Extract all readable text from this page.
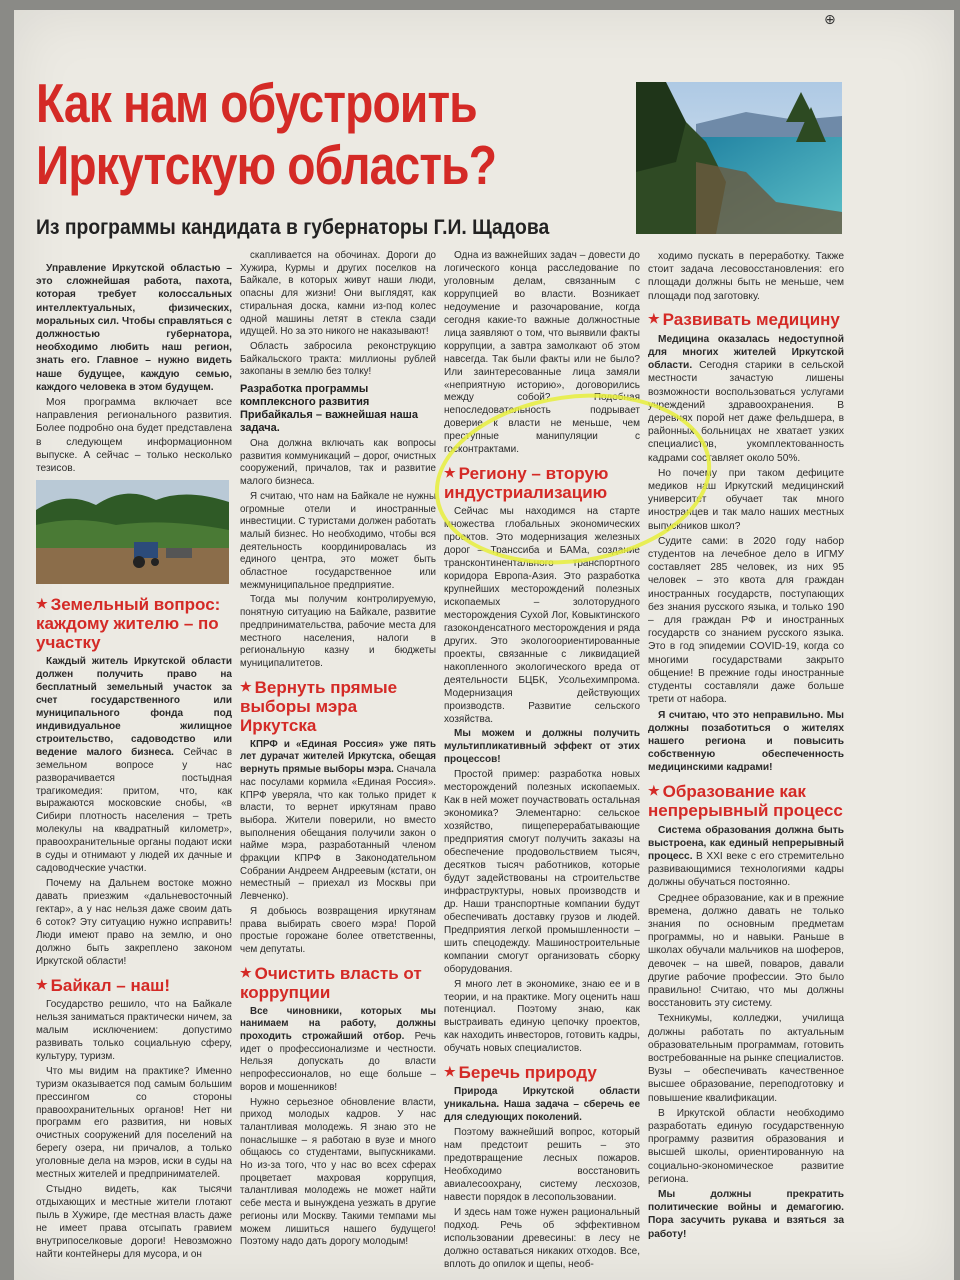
⊕
Как нам обустроить
Иркутскую область?
Из программы кандидата в губернаторы Г.И. Щадова

Управление Иркутской областью – это сложнейшая работа, пахота, которая требует колоссальных интеллектуальных, физических, моральных сил. Чтобы справляться с должностью губернатора, необходимо любить наш регион, знать его. Главное – нужно видеть наше будущее, каждую семью, каждого человека в этом будущем.

Моя программа включает все направления регионального развития. Более подробно она будет представлена в следующем информационном выпуске. А сейчас – только несколько тезисов.

★ Земельный вопрос: каждому жителю – по участку

Каждый житель Иркутской области должен получить право на бесплатный земельный участок за счет государственного или муниципального фонда под индивидуальное жилищное строительство, садоводство или ведение малого бизнеса. Сейчас в земельном вопросе у нас разворачивается постыдная трагикомедия: притом, что, как выражаются московские снобы, «в Сибири плотность населения – треть молекулы на квадратный километр», правоохранительные органы подают иски в суды и отнимают у людей их дачные и садоводческие участки.

Почему на Дальнем востоке можно давать приезжим «дальневосточный гектар», а у нас нельзя даже своим дать 6 соток? Эту ситуацию нужно исправить! Люди имеют право на землю, и оно должно быть закреплено законом Иркутской области!

★ Байкал – наш!

Государство решило, что на Байкале нельзя заниматься практически ничем, за малым исключением: допустимо развивать только социальную сферу, культуру, туризм.

Что мы видим на практике? Именно туризм оказывается под самым большим прессингом со стороны правоохранительных органов! Нет ни программ его развития, ни новых очистных сооружений для поселений на берегу озера, ни причалов, а только уголовные дела на мэров, иски в суды на местных жителей и предпринимателей.

Стыдно видеть, как тысячи отдыхающих и местные жители глотают пыль в Хужире, где местная власть даже не имеет права отсыпать гравием внутрипоселковые дороги! Невозможно найти контейнеры для мусора, и он

скапливается на обочинах. Дороги до Хужира, Курмы и других поселков на Байкале, в которых живут наши люди, опасны для жизни! Они выглядят, как стиральная доска, камни из-под колес одной машины летят в стекла сзади идущей. Но за это никого не наказывают!

Область забросила реконструкцию Байкальского тракта: миллионы рублей закопаны в землю без толку!

Разработка программы комплексного развития Прибайкалья – важнейшая наша задача.

Она должна включать как вопросы развития коммуникаций – дорог, очистных сооружений, причалов, так и развитие малого бизнеса.

Я считаю, что нам на Байкале не нужны огромные отели и иностранные инвестиции. С туристами должен работать малый бизнес. Но необходимо, чтобы вся деятельность координировалась из единого центра, это может быть областное государственное или межмуниципальное предприятие.

Тогда мы получим контролируемую, понятную ситуацию на Байкале, развитие предпринимательства, рабочие места для местного населения, налоги в региональную казну и бюджеты муниципалитетов.

★ Вернуть прямые выборы мэра Иркутска

КПРФ и «Единая Россия» уже пять лет дурачат жителей Иркутска, обещая вернуть прямые выборы мэра. Сначала нас посулами кормила «Единая Россия». КПРФ уверяла, что как только придет к власти, то вернет иркутянам право выбора. Жители поверили, но вместо выполнения обещания получили закон о найме мэра, разработанный членом фракции КПРФ в Законодательном Собрании Андреем Андреевым (кстати, он неместный – приехал из Москвы при Левченко).

Я добьюсь возвращения иркутянам права выбирать своего мэра! Порой простые горожане более ответственны, чем депутаты.

★ Очистить власть от коррупции

Все чиновники, которых мы нанимаем на работу, должны проходить строжайший отбор. Речь идет о профессионализме и честности. Нельзя допускать до власти непрофессионалов, но еще больше – воров и мошенников!

Нужно серьезное обновление власти, приход молодых кадров. У нас талантливая молодежь. Я знаю это не понаслышке – я работаю в вузе и много общаюсь со студентами, выпускниками. Но из-за того, что у нас во всех сферах процветает махровая коррупция, талантливая молодежь не может найти себе места и вынуждена уезжать в другие регионы или Москву. Такими темпами мы можем лишиться нашего будущего! Поэтому надо дать дорогу молодым!

Одна из важнейших задач – довести до логического конца расследование по уголовным делам, связанным с коррупцией во власти. Возникает недоумение и разочарование, когда сегодня какие-то важные должностные лица заявляют о том, что выявили факты коррупции, а завтра замолкают об этом навсегда. Так были факты или не было? Или заинтересованные лица замяли «неприятную историю», договорились между собой? Подобная непоследовательность подрывает доверие к власти не меньше, чем преступные манипуляции с госконтрактами.

★ Региону – вторую индустриализацию

Сейчас мы находимся на старте множества глобальных экономических проектов. Это модернизация железных дорог – Транссиба и БАМа, создание трансконтинентального транспортного коридора Европа-Азия. Это разработка крупнейших месторождений полезных ископаемых – золоторудного месторождения Сухой Лог, Ковыктинского газоконденсатного месторождения и ряда других. Это экологоориентированные проекты, связанные с ликвидацией накопленного экологического вреда от деятельности БЦБК, Усольехимпрома. Модернизация действующих производств. Развитие сельского хозяйства.

Мы можем и должны получить мультипликативный эффект от этих процессов!

Простой пример: разработка новых месторождений полезных ископаемых. Как в ней может поучаствовать остальная экономика? Элементарно: сельское хозяйство, пищеперерабатывающие предприятия смогут получить заказы на обеспечение продовольствием тысяч, десятков тысяч работников, которые будут задействованы на строительстве инфраструктуры, новых производств и др. Наши транспортные компании будут обеспечивать доставку грузов и людей. Предприятия легкой промышленности – шить спецодежду. Машиностроительные компании смогут организовать сборку оборудования.

Я много лет в экономике, знаю ее и в теории, и на практике. Могу оценить наш потенциал. Поэтому знаю, как выстраивать единую цепочку проектов, как находить инвесторов, готовить кадры, обучать новых специалистов.

★ Беречь природу

Природа Иркутской области уникальна. Наша задача – сберечь ее для следующих поколений.

Поэтому важнейший вопрос, который нам предстоит решить – это предотвращение лесных пожаров. Необходимо восстановить авиалесоохрану, систему лесхозов, навести порядок в лесопользовании.

И здесь нам тоже нужен рациональный подход. Речь об эффективном использовании древесины: в лесу не должно оставаться никаких отходов. Все, вплоть до опилок и щепы, необ-

ходимо пускать в переработку. Также стоит задача лесовосстановления: его площади должны быть не меньше, чем площади под заготовку.

★ Развивать медицину

Медицина оказалась недоступной для многих жителей Иркутской области. Сегодня старики в сельской местности зачастую лишены возможности воспользоваться услугами учреждений здравоохранения. В деревнях порой нет даже фельдшера, в районных больницах не хватает узких специалистов, укомплектованность кадрами составляет около 50%.

Но почему при таком дефиците медиков наш Иркутский медицинский университет обучает так много иностранцев и так мало наших местных выпускников школ?

Судите сами: в 2020 году набор студентов на лечебное дело в ИГМУ составляет 285 человек, из них 95 человек – это квота для граждан иностранных государств, поступающих без знания русского языка, и только 190 – для граждан РФ и иностранных государств со знанием русского языка. Это в год эпидемии COVID-19, когда со многими государствами закрыто общение! В прежние годы иностранные студенты составляли даже больше трети от набора.

Я считаю, что это неправильно. Мы должны позаботиться о жителях нашего региона и повысить собственную обеспеченность медицинскими кадрами!

★ Образование как непрерывный процесс

Система образования должна быть выстроена, как единый непрерывный процесс. В XXI веке с его стремительно развивающимися технологиями кадры должны обучаться постоянно.

Среднее образование, как и в прежние времена, должно давать не только знания по основным предметам программы, но и навыки. Раньше в школах обучали мальчиков на шоферов, девочек – на швей, поваров, давали другие рабочие профессии. Это было правильно! Считаю, что мы должны восстановить эту систему.

Техникумы, колледжи, училища должны работать по актуальным образовательным программам, готовить востребованные на рынке специалистов. Вузы – обеспечивать качественное высшее образование, переподготовку и повышение квалификации.

В Иркутской области необходимо разработать единую государственную программу развития образования и высшей школы, ориентированную на социально-экономическое развитие региона.

Мы должны прекратить политические войны и демагогию. Пора засучить рукава и взяться за работу!
